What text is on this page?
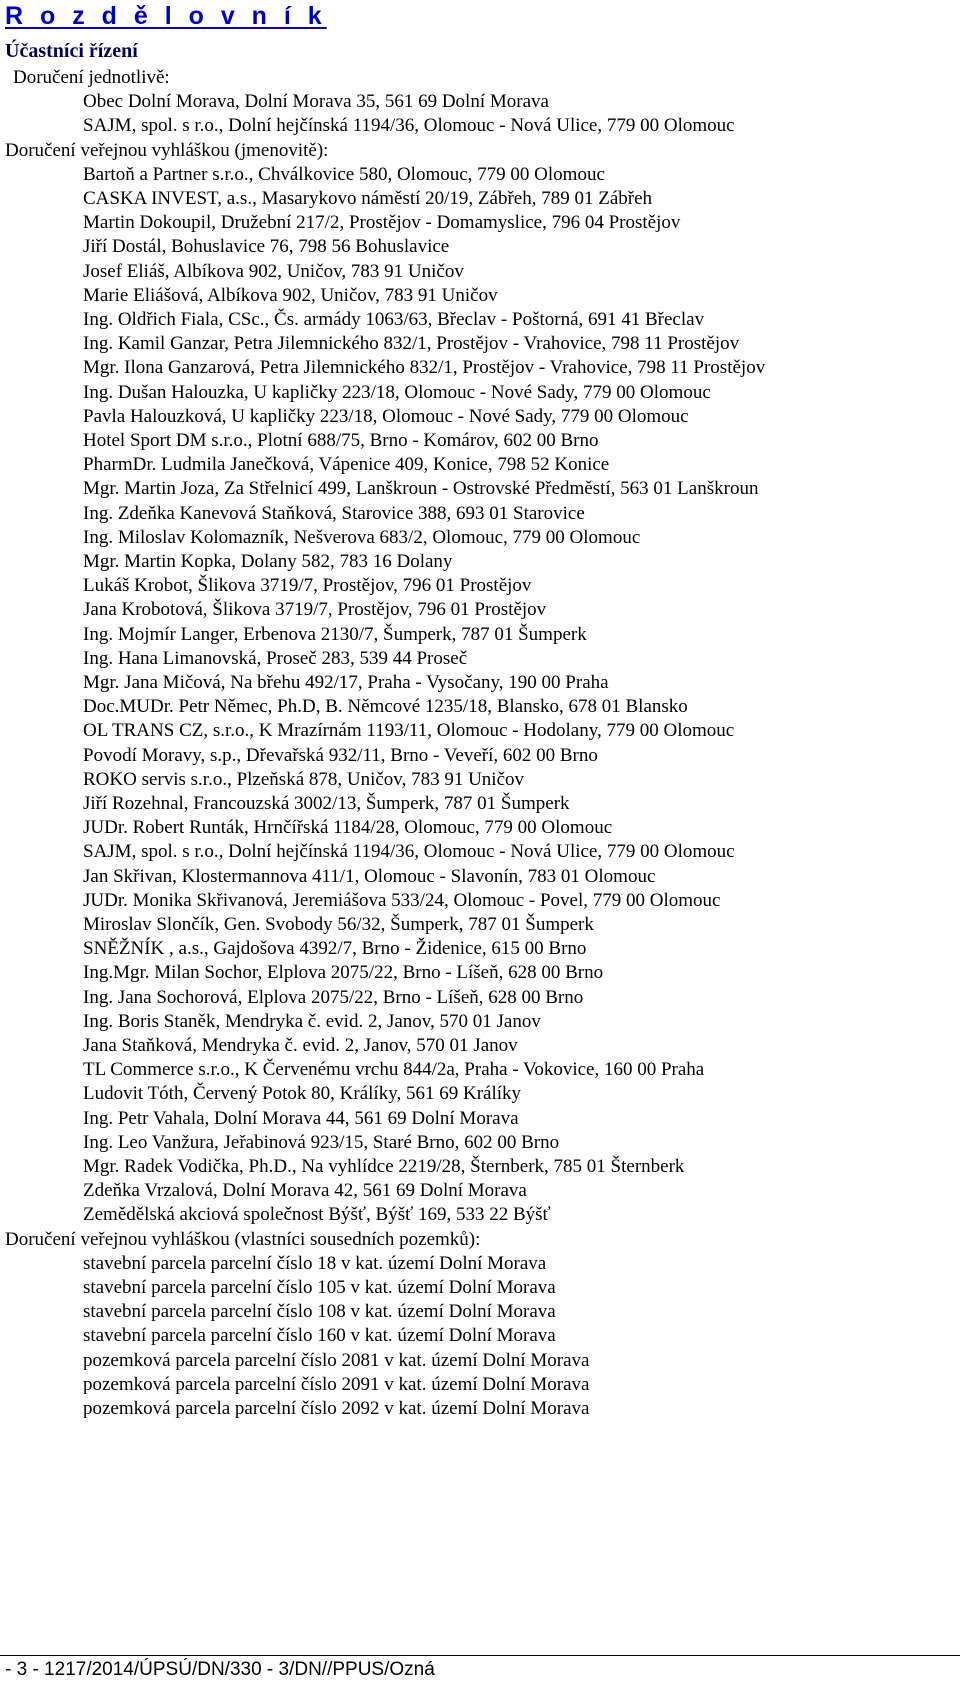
R o z d ě l o v n í k
Účastníci řízení
Doručení jednotlivě:
Obec Dolní Morava, Dolní Morava 35, 561 69 Dolní Morava
SAJM, spol. s r.o., Dolní hejčínská 1194/36, Olomouc - Nová Ulice, 779 00 Olomouc
Doručení veřejnou vyhláškou (jmenovitě):
Bartoň a Partner s.r.o., Chválkovice 580, Olomouc, 779 00 Olomouc
CASKA INVEST, a.s., Masarykovo náměstí 20/19, Zábřeh, 789 01 Zábřeh
Martin Dokoupil, Družební 217/2, Prostějov - Domamyslice, 796 04 Prostějov
Jiří Dostál, Bohuslavice 76, 798 56 Bohuslavice
Josef Eliáš, Albíkova 902, Uničov, 783 91 Uničov
Marie Eliášová, Albíkova 902, Uničov, 783 91 Uničov
Ing. Oldřich Fiala, CSc., Čs. armády 1063/63, Břeclav - Poštorná, 691 41 Břeclav
Ing. Kamil Ganzar, Petra Jilemnického 832/1, Prostějov - Vrahovice, 798 11 Prostějov
Mgr. Ilona Ganzarová, Petra Jilemnického 832/1, Prostějov - Vrahovice, 798 11 Prostějov
Ing. Dušan Halouzka, U kapličky 223/18, Olomouc - Nové Sady, 779 00 Olomouc
Pavla Halouzková, U kapličky 223/18, Olomouc - Nové Sady, 779 00 Olomouc
Hotel Sport DM s.r.o., Plotní 688/75, Brno - Komárov, 602 00 Brno
PharmDr. Ludmila Janečková, Vápenice 409, Konice, 798 52 Konice
Mgr. Martin Joza, Za Střelnicí 499, Lanškroun - Ostrovské Předměstí, 563 01 Lanškroun
Ing. Zdeňka Kanevová Staňková, Starovice 388, 693 01 Starovice
Ing. Miloslav Kolomazník, Nešverova 683/2, Olomouc, 779 00 Olomouc
Mgr. Martin Kopka, Dolany 582, 783 16 Dolany
Lukáš Krobot, Šlikova 3719/7, Prostějov, 796 01 Prostějov
Jana Krobotová, Šlikova 3719/7, Prostějov, 796 01 Prostějov
Ing. Mojmír Langer, Erbenova 2130/7, Šumperk, 787 01 Šumperk
Ing. Hana Limanovská, Proseč 283, 539 44 Proseč
Mgr. Jana Mičová, Na břehu 492/17, Praha - Vysočany, 190 00 Praha
Doc.MUDr. Petr Němec, Ph.D, B. Němcové 1235/18, Blansko, 678 01 Blansko
OL TRANS CZ, s.r.o., K Mrazírnám 1193/11, Olomouc - Hodolany, 779 00 Olomouc
Povodí Moravy, s.p., Dřevařská 932/11, Brno - Veveří, 602 00 Brno
ROKO servis s.r.o., Plzeňská 878, Uničov, 783 91 Uničov
Jiří Rozehnal, Francouzská 3002/13, Šumperk, 787 01 Šumperk
JUDr. Robert Runták, Hrnčířská 1184/28, Olomouc, 779 00 Olomouc
SAJM, spol. s r.o., Dolní hejčínská 1194/36, Olomouc - Nová Ulice, 779 00 Olomouc
Jan Skřivan, Klostermannova 411/1, Olomouc - Slavonín, 783 01 Olomouc
JUDr. Monika Skřivanová, Jeremiášova 533/24, Olomouc - Povel, 779 00 Olomouc
Miroslav Slončík, Gen. Svobody 56/32, Šumperk, 787 01 Šumperk
SNĚŽNÍK , a.s., Gajdošova 4392/7, Brno - Židenice, 615 00 Brno
Ing.Mgr. Milan Sochor, Elplova 2075/22, Brno - Líšeň, 628 00 Brno
Ing. Jana Sochorová, Elplova 2075/22, Brno - Líšeň, 628 00 Brno
Ing. Boris Staněk, Mendryka č. evid. 2, Janov, 570 01 Janov
Jana Staňková, Mendryka č. evid. 2, Janov, 570 01 Janov
TL Commerce s.r.o., K Červenému vrchu 844/2a, Praha - Vokovice, 160 00 Praha
Ludovit Tóth, Červený Potok 80, Králíky, 561 69 Králíky
Ing. Petr Vahala, Dolní Morava 44, 561 69 Dolní Morava
Ing. Leo Vanžura, Jeřabinová 923/15, Staré Brno, 602 00 Brno
Mgr. Radek Vodička, Ph.D., Na vyhlídce 2219/28, Šternberk, 785 01 Šternberk
Zdeňka Vrzalová, Dolní Morava 42, 561 69 Dolní Morava
Zemědělská akciová společnost Býšť, Býšť 169, 533 22 Býšť
Doručení veřejnou vyhláškou (vlastníci sousedních pozemků):
stavební parcela parcelní číslo 18 v kat. území Dolní Morava
stavební parcela parcelní číslo 105 v kat. území Dolní Morava
stavební parcela parcelní číslo 108 v kat. území Dolní Morava
stavební parcela parcelní číslo 160 v kat. území Dolní Morava
pozemková parcela parcelní číslo 2081 v kat. území Dolní Morava
pozemková parcela parcelní číslo 2091 v kat. území Dolní Morava
pozemková parcela parcelní číslo 2092 v kat. území Dolní Morava
- 3 - 1217/2014/ÚPSÚ/DN/330 - 3/DN//PPUS/Ozná
